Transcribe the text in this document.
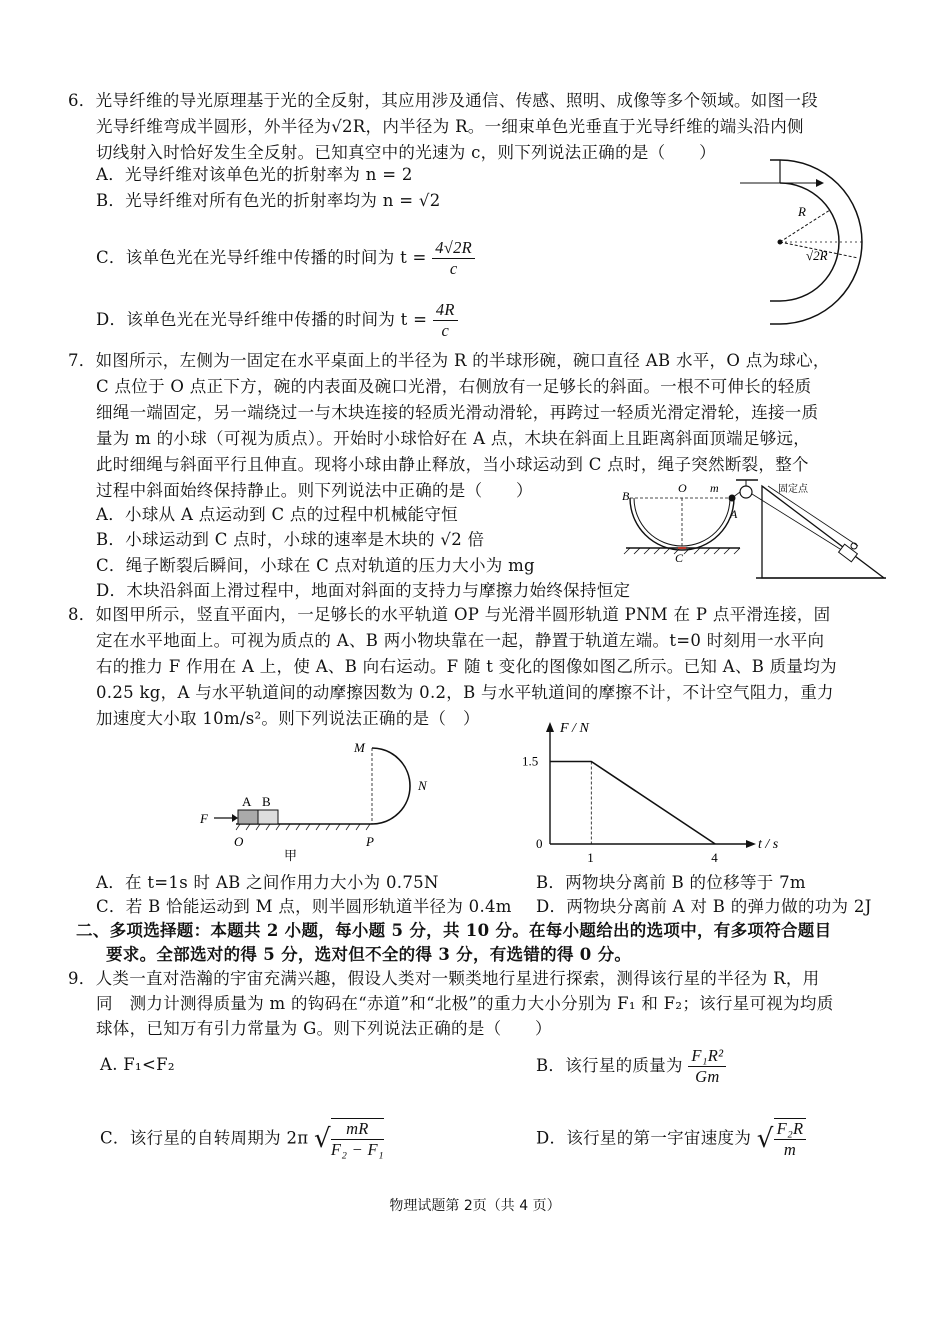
6．光导纤维的导光原理基于光的全反射，其应用涉及通信、传感、照明、成像等多个领域。如图一段
光导纤维弯成半圆形，外半径为√2R，内半径为 R。一细束单色光垂直于光导纤维的端头沿内侧
切线射入时恰好发生全反射。已知真空中的光速为 c，则下列说法正确的是（　　）
A．光导纤维对该单色光的折射率为 n = 2
B．光导纤维对所有色光的折射率均为 n = √2
C．该单色光在光导纤维中传播的时间为 $t = \frac{4√2R}{c}$
D．该单色光在光导纤维中传播的时间为 $t = \frac{4R}{c}$
R
√2R
7．如图所示，左侧为一固定在水平桌面上的半径为 R 的半球形碗，碗口直径 AB 水平，O 点为球心，
C 点位于 O 点正下方，碗的内表面及碗口光滑，右侧放有一足够长的斜面。一根不可伸长的轻质
细绳一端固定，另一端绕过一与木块连接的轻质光滑动滑轮，再跨过一轻质光滑定滑轮，连接一质
量为 m 的小球（可视为质点）。开始时小球恰好在 A 点，木块在斜面上且距离斜面顶端足够远，
此时细绳与斜面平行且伸直。现将小球由静止释放，当小球运动到 C 点时，绳子突然断裂，整个
过程中斜面始终保持静止。则下列说法中正确的是（　　）
A．小球从 A 点运动到 C 点的过程中机械能守恒
B．小球运动到 C 点时，小球的速率是木块的 √2 倍
C．绳子断裂后瞬间，小球在 C 点对轨道的压力大小为 mg
D．木块沿斜面上滑过程中，地面对斜面的支持力与摩擦力始终保持恒定
B
O m
A
C
固定点
8．如图甲所示，竖直平面内，一足够长的水平轨道 OP 与光滑半圆形轨道 PNM 在 P 点平滑连接，固
定在水平地面上。可视为质点的 A、B 两小物块靠在一起，静置于轨道左端。t=0 时刻用一水平向
右的推力 F 作用在 A 上，使 A、B 向右运动。F 随 t 变化的图像如图乙所示。已知 A、B 质量均为
0.25 kg，A 与水平轨道间的动摩擦因数为 0.2，B 与水平轨道间的摩擦不计，不计空气阻力，重力
加速度大小取 10m/s²。则下列说法正确的是（　）
M
N
A B
F
O	P
甲
F / N
t / s
0
1	4
1.5
A．在 t=1s 时 AB 之间作用力大小为 0.75N	B．两物块分离前 B 的位移等于 7m
C．若 B 恰能运动到 M 点，则半圆形轨道半径为 0.4m D．两物块分离前 A 对 B 的弹力做的功为 2J
二、多项选择题：本题共 2 小题，每小题 5 分，共 10 分。在每小题给出的选项中，有多项符合题目
要求。全部选对的得 5 分，选对但不全的得 3 分，有选错的得 0 分。
9．人类一直对浩瀚的宇宙充满兴趣，假设人类对一颗类地行星进行探索，测得该行星的半径为 R，用
同　测力计测得质量为 m 的钩码在“赤道”和“北极”的重力大小分别为 F₁ 和 F₂；该行星可视为均质
球体，已知万有引力常量为 G。则下列说法正确的是（　　）
A. F₁<F₂	B．该行星的质量为 $\frac{\text{F₁R²}}{Gm}$
C．该行星的自转周期为 2π √ $\frac{mR}{\text{F₂ − F₁}}$	D．该行星的第一宇宙速度为 √ $\frac{\text{F₂R}}{m}$
物理试题第 2页（共 4 页）
